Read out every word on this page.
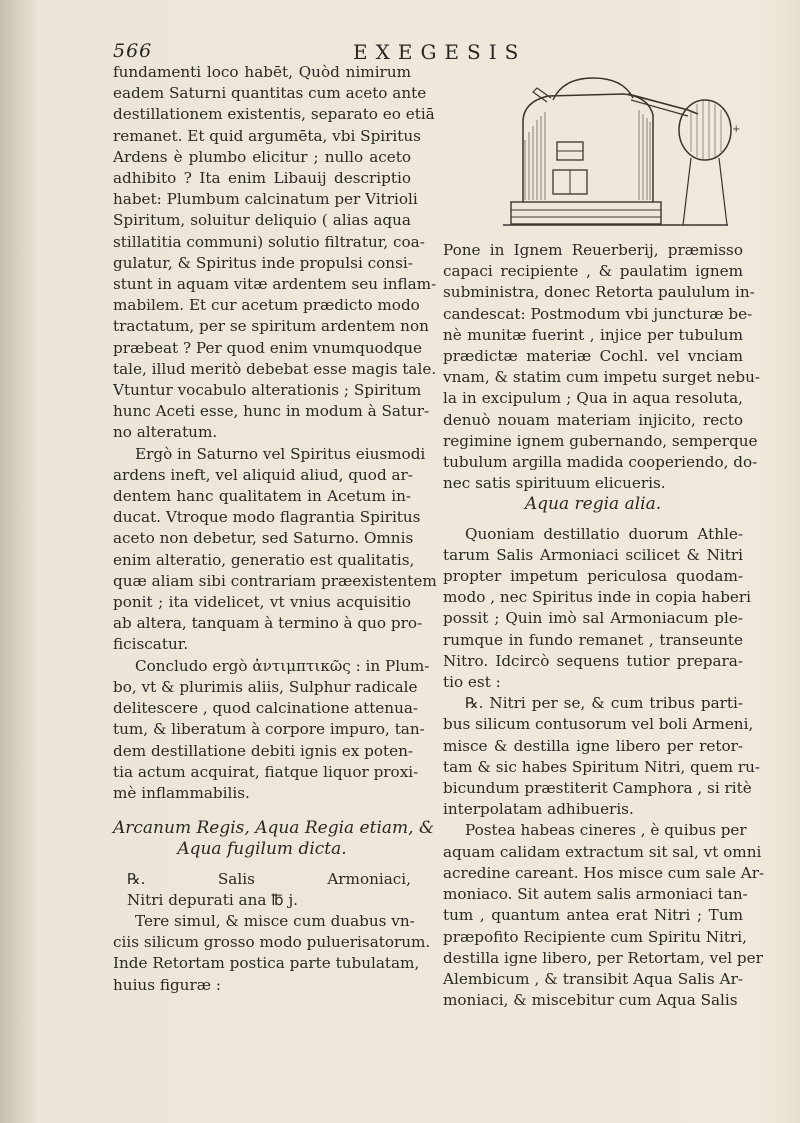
566	EXEGESIS

fundamenti loco habēt, Quòd nimirum
eadem Saturni quantitas cum aceto ante
destillationem existentis, separato eo etiā
remanet. Et quid argumēta, vbi Spiritus
Ardens è plumbo elicitur ; nullo aceto
adhibito ? Ita enim Libauij descriptio
habet: Plumbum calcinatum per Vitrioli
Spiritum, soluitur deliquio ( alias aqua
stillatitia communi) solutio filtratur, coa-
gulatur, & Spiritus inde propulsi consi-
stunt in aquam vitæ ardentem seu inflam-
mabilem. Et cur acetum prædicto modo
tractatum, per se spiritum ardentem non
præbeat ? Per quod enim vnumquodque
tale, illud meritò debebat esse magis tale.
Vtuntur vocabulo alterationis ; Spiritum
hunc Aceti esse, hunc in modum à Satur-
no alteratum.

Ergò in Saturno vel Spiritus eiusmodi
ardens ineft, vel aliquid aliud, quod ar-
dentem hanc qualitatem in Acetum in-
ducat. Vtroque modo flagrantia Spiritus
aceto non debetur, sed Saturno. Omnis
enim alteratio, generatio est qualitatis,
quæ aliam sibi contrariam præexistentem
ponit ; ita videlicet, vt vnius acquisitio
ab altera, tanquam à termino à quo pro-
ficiscatur.

Concludo ergò ἀντιμπτικῶς : in Plum-
bo, vt & plurimis aliis, Sulphur radicale
delitescere , quod calcinatione attenua-
tum, & liberatum à corpore impuro, tan-
dem destillatione debiti ignis ex poten-
tia actum acquirat, fiatque liquor proxi-
mè inflammabilis.

Arcanum Regis, Aqua Regia etiam, &
Aqua fugilum dicta.

℞. Salis Armoniaci,
Nitri depurati ana ℔ j.

Tere simul, & misce cum duabus vn-
ciis silicum grosso modo puluerisatorum.
Inde Retortam postica parte tubulatam,
huius figuræ :

+

Pone in Ignem Reuerberij, præmisso
capaci recipiente , & paulatim ignem
subministra, donec Retorta paululum in-
candescat: Postmodum vbi juncturæ be-
nè munitæ fuerint , injice per tubulum
prædictæ materiæ Cochl. vel vnciam
vnam, & statim cum impetu surget nebu-
la in excipulum ; Qua in aqua resoluta,
denuò nouam materiam injicito, recto
regimine ignem gubernando, semperque
tubulum argilla madida cooperiendo, do-
nec satis spirituum elicueris.

Aqua regia alia.

Quoniam destillatio duorum Athle-
tarum Salis Armoniaci scilicet & Nitri
propter impetum periculosa quodam-
modo , nec Spiritus inde in copia haberi
possit ; Quin imò sal Armoniacum ple-
rumque in fundo remanet , transeunte
Nitro. Idcircò sequens tutior prepara-
tio est :

℞. Nitri per se, & cum tribus parti-
bus silicum contusorum vel boli Armeni,
misce & destilla igne libero per retor-
tam & sic habes Spiritum Nitri, quem ru-
bicundum præstiterit Camphora , si ritè
interpolatam adhibueris.

Postea habeas cineres , è quibus per
aquam calidam extractum sit sal, vt omni
acredine careant. Hos misce cum sale Ar-
moniaco. Sit autem salis armoniaci tan-
tum , quantum antea erat Nitri ; Tum
præpofito Recipiente cum Spiritu Nitri,
destilla igne libero, per Retortam, vel per
Alembicum , & transibit Aqua Salis Ar-
moniaci, & miscebitur cum Aqua Salis
